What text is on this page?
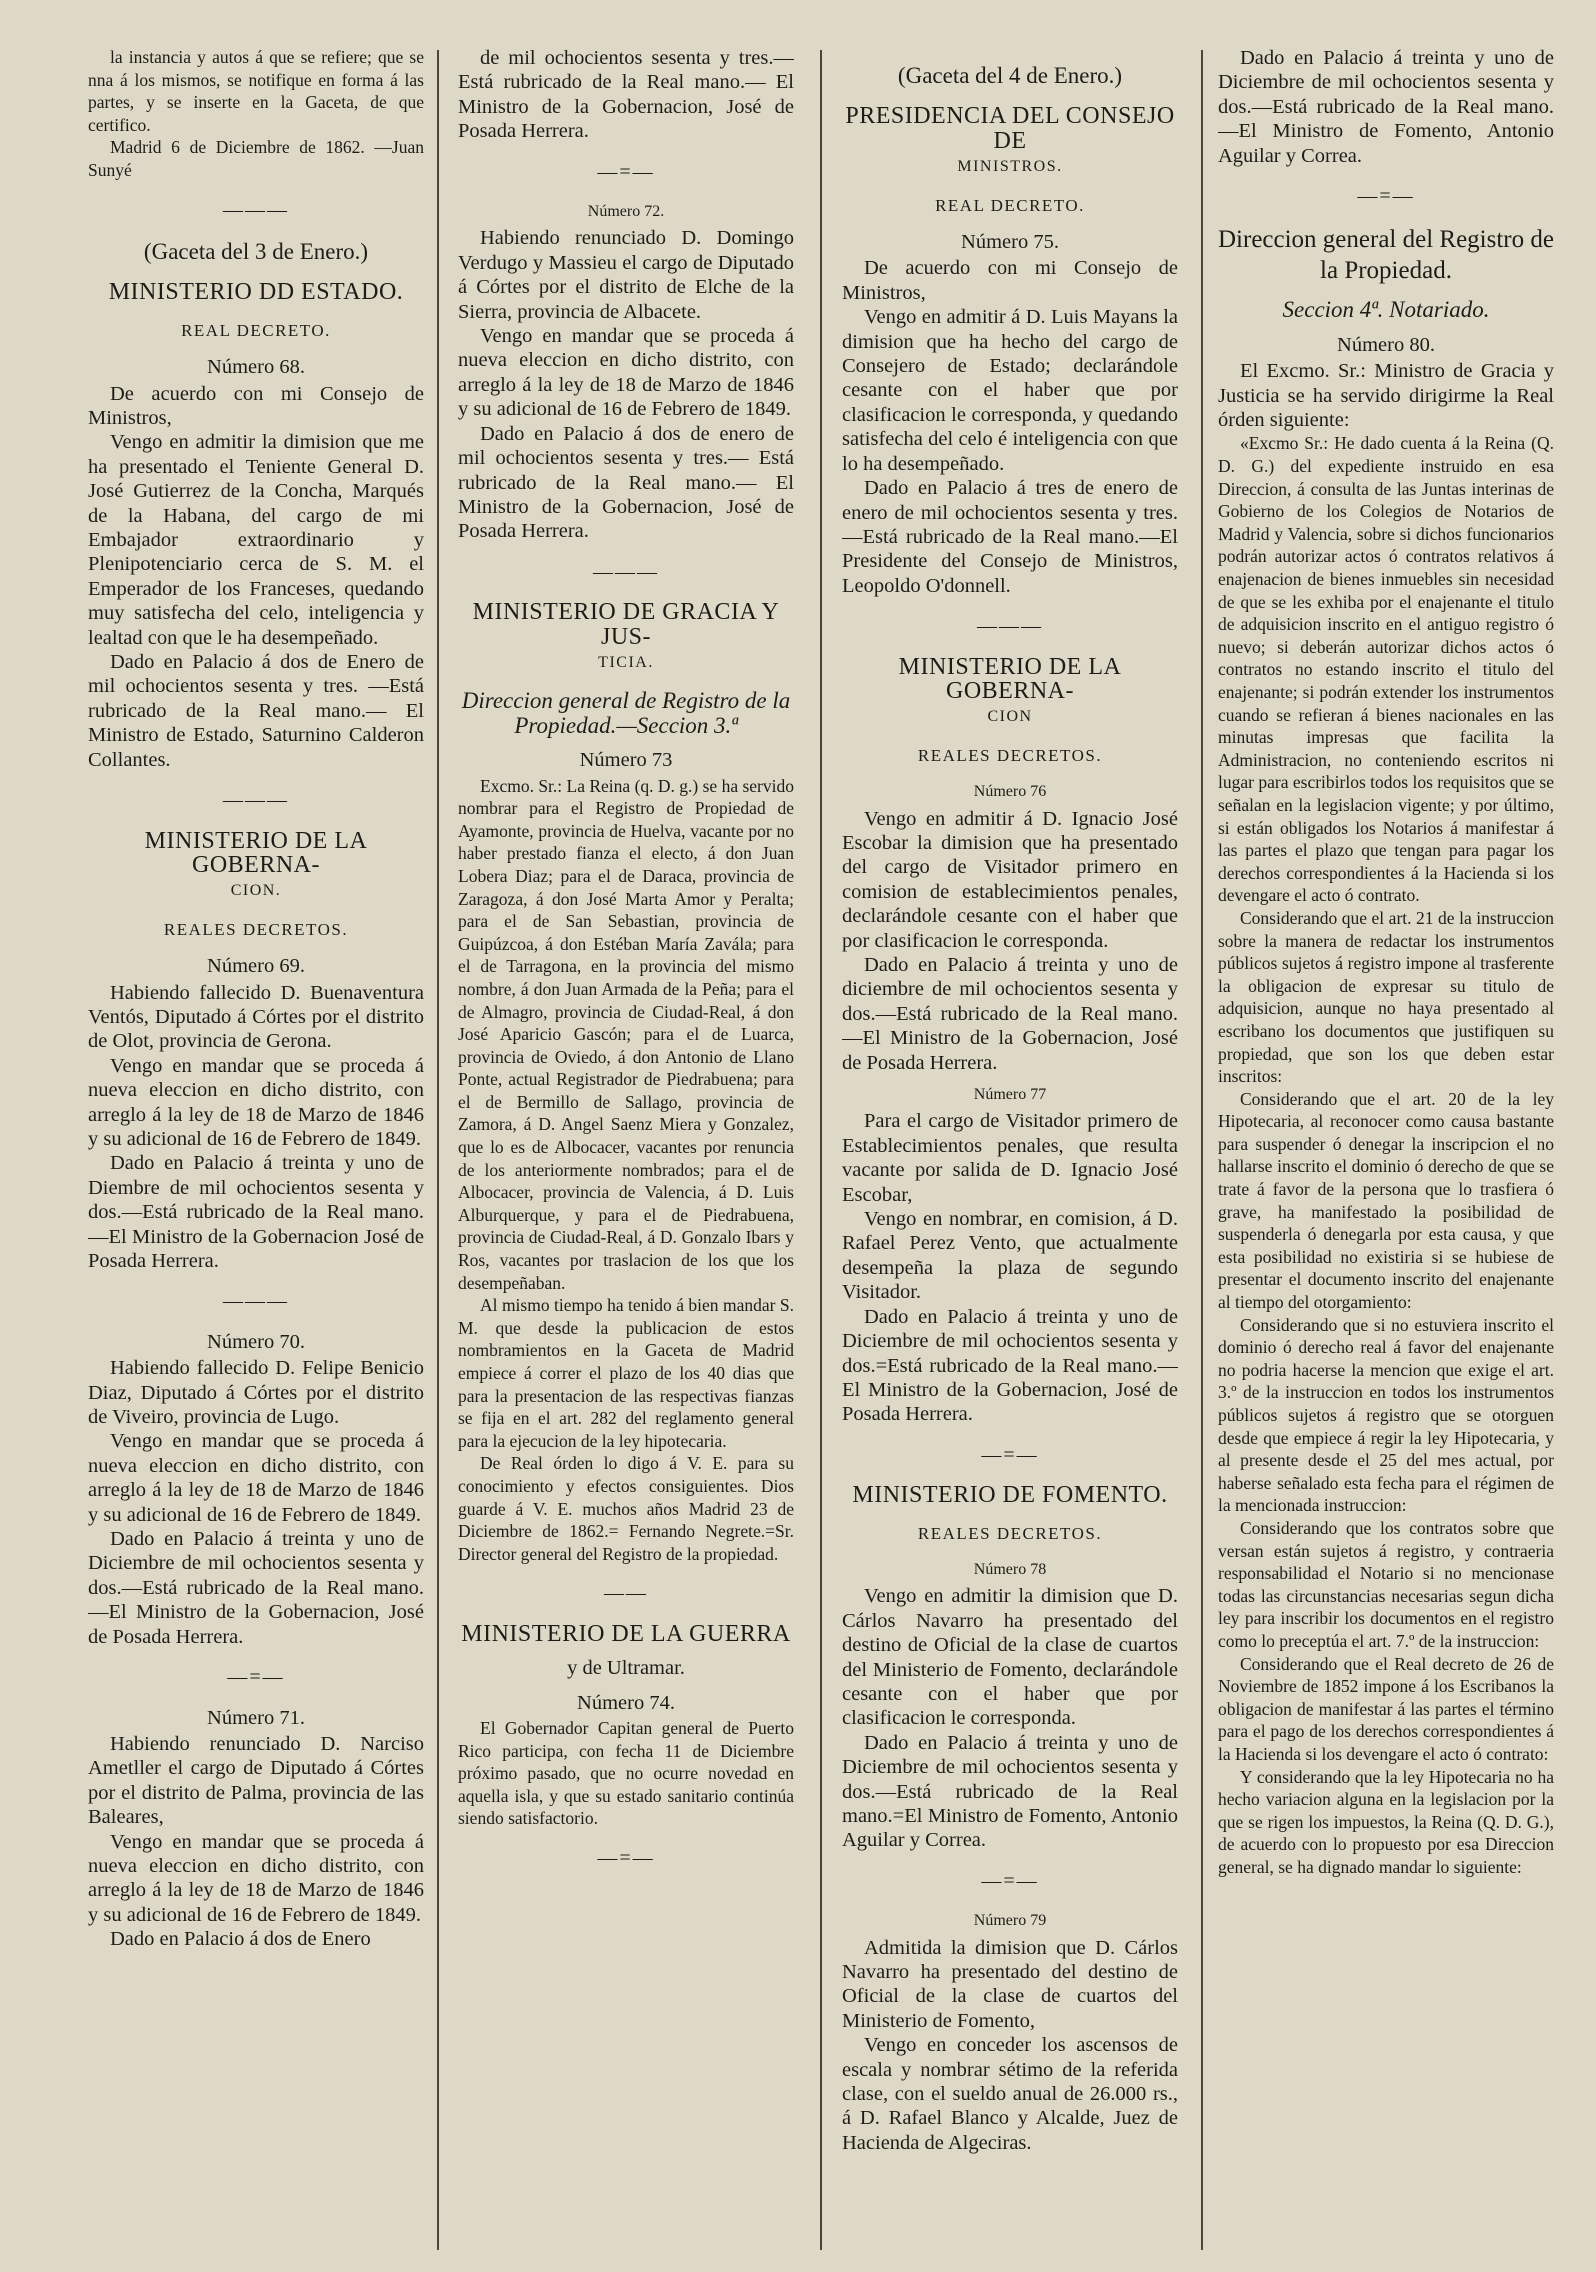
la instancia y autos á que se refiere; que se nna á los mismos, se notifique en forma á las partes, y se inserte en la Gaceta, de que certifico.

Madrid 6 de Diciembre de 1862. —Juan Sunyé

———

(Gaceta del 3 de Enero.)

MINISTERIO DD ESTADO.

REAL DECRETO.

Número 68.

De acuerdo con mi Consejo de Ministros,

Vengo en admitir la dimision que me ha presentado el Teniente General D. José Gutierrez de la Concha, Marqués de la Habana, del cargo de mi Embajador extraordinario y Plenipotenciario cerca de S. M. el Emperador de los Franceses, quedando muy satisfecha del celo, inteligencia y lealtad con que le ha desempeñado.

Dado en Palacio á dos de Enero de mil ochocientos sesenta y tres. —Está rubricado de la Real mano.— El Ministro de Estado, Saturnino Calderon Collantes.

———

MINISTERIO DE LA GOBERNA-

CION.

REALES DECRETOS.

Número 69.

Habiendo fallecido D. Buenaventura Ventós, Diputado á Córtes por el distrito de Olot, provincia de Gerona.

Vengo en mandar que se proceda á nueva eleccion en dicho distrito, con arreglo á la ley de 18 de Marzo de 1846 y su adicional de 16 de Febrero de 1849.

Dado en Palacio á treinta y uno de Diembre de mil ochocientos sesenta y dos.—Está rubricado de la Real mano.—El Ministro de la Gobernacion José de Posada Herrera.

———

Número 70.

Habiendo fallecido D. Felipe Benicio Diaz, Diputado á Córtes por el distrito de Viveiro, provincia de Lugo.

Vengo en mandar que se proceda á nueva eleccion en dicho distrito, con arreglo á la ley de 18 de Marzo de 1846 y su adicional de 16 de Febrero de 1849.

Dado en Palacio á treinta y uno de Diciembre de mil ochocientos sesenta y dos.—Está rubricado de la Real mano.—El Ministro de la Gobernacion, José de Posada Herrera.

—=—

Número 71.

Habiendo renunciado D. Narciso Ametller el cargo de Diputado á Córtes por el distrito de Palma, provincia de las Baleares,

Vengo en mandar que se proceda á nueva eleccion en dicho distrito, con arreglo á la ley de 18 de Marzo de 1846 y su adicional de 16 de Febrero de 1849.

Dado en Palacio á dos de Enero

de mil ochocientos sesenta y tres.—Está rubricado de la Real mano.— El Ministro de la Gobernacion, José de Posada Herrera.

—=—

Número 72.

Habiendo renunciado D. Domingo Verdugo y Massieu el cargo de Diputado á Córtes por el distrito de Elche de la Sierra, provincia de Albacete.

Vengo en mandar que se proceda á nueva eleccion en dicho distrito, con arreglo á la ley de 18 de Marzo de 1846 y su adicional de 16 de Febrero de 1849.

Dado en Palacio á dos de enero de mil ochocientos sesenta y tres.— Está rubricado de la Real mano.— El Ministro de la Gobernacion, José de Posada Herrera.

———

MINISTERIO DE GRACIA Y JUS-

TICIA.

Direccion general de Registro de la Propiedad.—Seccion 3.ª

Número 73

Excmo. Sr.: La Reina (q. D. g.) se ha servido nombrar para el Registro de Propiedad de Ayamonte, provincia de Huelva, vacante por no haber prestado fianza el electo, á don Juan Lobera Diaz; para el de Daraca, provincia de Zaragoza, á don José Marta Amor y Peralta; para el de San Sebastian, provincia de Guipúzcoa, á don Estéban María Zavála; para el de Tarragona, en la provincia del mismo nombre, á don Juan Armada de la Peña; para el de Almagro, provincia de Ciudad-Real, á don José Aparicio Gascón; para el de Luarca, provincia de Oviedo, á don Antonio de Llano Ponte, actual Registrador de Piedrabuena; para el de Bermillo de Sallago, provincia de Zamora, á D. Angel Saenz Miera y Gonzalez, que lo es de Albocacer, vacantes por renuncia de los anteriormente nombrados; para el de Albocacer, provincia de Valencia, á D. Luis Alburquerque, y para el de Piedrabuena, provincia de Ciudad-Real, á D. Gonzalo Ibars y Ros, vacantes por traslacion de los que los desempeñaban.

Al mismo tiempo ha tenido á bien mandar S. M. que desde la publicacion de estos nombramientos en la Gaceta de Madrid empiece á correr el plazo de los 40 dias que para la presentacion de las respectivas fianzas se fija en el art. 282 del reglamento general para la ejecucion de la ley hipotecaria.

De Real órden lo digo á V. E. para su conocimiento y efectos consiguientes. Dios guarde á V. E. muchos años Madrid 23 de Diciembre de 1862.= Fernando Negrete.=Sr. Director general del Registro de la propiedad.

——

MINISTERIO DE LA GUERRA

y de Ultramar.

Número 74.

El Gobernador Capitan general de Puerto Rico participa, con fecha 11 de Diciembre próximo pasado, que no ocurre novedad en aquella isla, y que su estado sanitario continúa siendo satisfactorio.

—=—

(Gaceta del 4 de Enero.)

PRESIDENCIA DEL CONSEJO DE

MINISTROS.

REAL DECRETO.

Número 75.

De acuerdo con mi Consejo de Ministros,

Vengo en admitir á D. Luis Mayans la dimision que ha hecho del cargo de Consejero de Estado; declarándole cesante con el haber que por clasificacion le corresponda, y quedando satisfecha del celo é inteligencia con que lo ha desempeñado.

Dado en Palacio á tres de enero de enero de mil ochocientos sesenta y tres.—Está rubricado de la Real mano.—El Presidente del Consejo de Ministros, Leopoldo O'donnell.

———

MINISTERIO DE LA GOBERNA-

CION

REALES DECRETOS.

Número 76

Vengo en admitir á D. Ignacio José Escobar la dimision que ha presentado del cargo de Visitador primero en comision de establecimientos penales, declarándole cesante con el haber que por clasificacion le corresponda.

Dado en Palacio á treinta y uno de diciembre de mil ochocientos sesenta y dos.—Está rubricado de la Real mano.—El Ministro de la Gobernacion, José de Posada Herrera.

Número 77

Para el cargo de Visitador primero de Establecimientos penales, que resulta vacante por salida de D. Ignacio José Escobar,

Vengo en nombrar, en comision, á D. Rafael Perez Vento, que actualmente desempeña la plaza de segundo Visitador.

Dado en Palacio á treinta y uno de Diciembre de mil ochocientos sesenta y dos.=Está rubricado de la Real mano.—El Ministro de la Gobernacion, José de Posada Herrera.

—=—

MINISTERIO DE FOMENTO.

REALES DECRETOS.

Número 78

Vengo en admitir la dimision que D. Cárlos Navarro ha presentado del destino de Oficial de la clase de cuartos del Ministerio de Fomento, declarándole cesante con el haber que por clasificacion le corresponda.

Dado en Palacio á treinta y uno de Diciembre de mil ochocientos sesenta y dos.—Está rubricado de la Real mano.=El Ministro de Fomento, Antonio Aguilar y Correa.

—=—

Número 79

Admitida la dimision que D. Cárlos Navarro ha presentado del destino de Oficial de la clase de cuartos del Ministerio de Fomento,

Vengo en conceder los ascensos de escala y nombrar sétimo de la referida clase, con el sueldo anual de 26.000 rs., á D. Rafael Blanco y Alcalde, Juez de Hacienda de Algeciras.

Dado en Palacio á treinta y uno de Diciembre de mil ochocientos sesenta y dos.—Está rubricado de la Real mano.—El Ministro de Fomento, Antonio Aguilar y Correa.

—=—

Direccion general del Registro de la Propiedad.

Seccion 4ª. Notariado.

Número 80.

El Excmo. Sr.: Ministro de Gracia y Justicia se ha servido dirigirme la Real órden siguiente:

«Excmo Sr.: He dado cuenta á la Reina (Q. D. G.) del expediente instruido en esa Direccion, á consulta de las Juntas interinas de Gobierno de los Colegios de Notarios de Madrid y Valencia, sobre si dichos funcionarios podrán autorizar actos ó contratos relativos á enajenacion de bienes inmuebles sin necesidad de que se les exhiba por el enajenante el titulo de adquisicion inscrito en el antiguo registro ó nuevo; si deberán autorizar dichos actos ó contratos no estando inscrito el titulo del enajenante; si podrán extender los instrumentos cuando se refieran á bienes nacionales en las minutas impresas que facilita la Administracion, no conteniendo escritos ni lugar para escribirlos todos los requisitos que se señalan en la legislacion vigente; y por último, si están obligados los Notarios á manifestar á las partes el plazo que tengan para pagar los derechos correspondientes á la Hacienda si los devengare el acto ó contrato.

Considerando que el art. 21 de la instruccion sobre la manera de redactar los instrumentos públicos sujetos á registro impone al trasferente la obligacion de expresar su titulo de adquisicion, aunque no haya presentado al escribano los documentos que justifiquen su propiedad, que son los que deben estar inscritos:

Considerando que el art. 20 de la ley Hipotecaria, al reconocer como causa bastante para suspender ó denegar la inscripcion el no hallarse inscrito el dominio ó derecho de que se trate á favor de la persona que lo trasfiera ó grave, ha manifestado la posibilidad de suspenderla ó denegarla por esta causa, y que esta posibilidad no existiria si se hubiese de presentar el documento inscrito del enajenante al tiempo del otorgamiento:

Considerando que si no estuviera inscrito el dominio ó derecho real á favor del enajenante no podria hacerse la mencion que exige el art. 3.º de la instruccion en todos los instrumentos públicos sujetos á registro que se otorguen desde que empiece á regir la ley Hipotecaria, y al presente desde el 25 del mes actual, por haberse señalado esta fecha para el régimen de la mencionada instruccion:

Considerando que los contratos sobre que versan están sujetos á registro, y contraeria responsabilidad el Notario si no mencionase todas las circunstancias necesarias segun dicha ley para inscribir los documentos en el registro como lo preceptúa el art. 7.º de la instruccion:

Considerando que el Real decreto de 26 de Noviembre de 1852 impone á los Escribanos la obligacion de manifestar á las partes el término para el pago de los derechos correspondientes á la Hacienda si los devengare el acto ó contrato:

Y considerando que la ley Hipotecaria no ha hecho variacion alguna en la legislacion por la que se rigen los impuestos, la Reina (Q. D. G.), de acuerdo con lo propuesto por esa Direccion general, se ha dignado mandar lo siguiente:
